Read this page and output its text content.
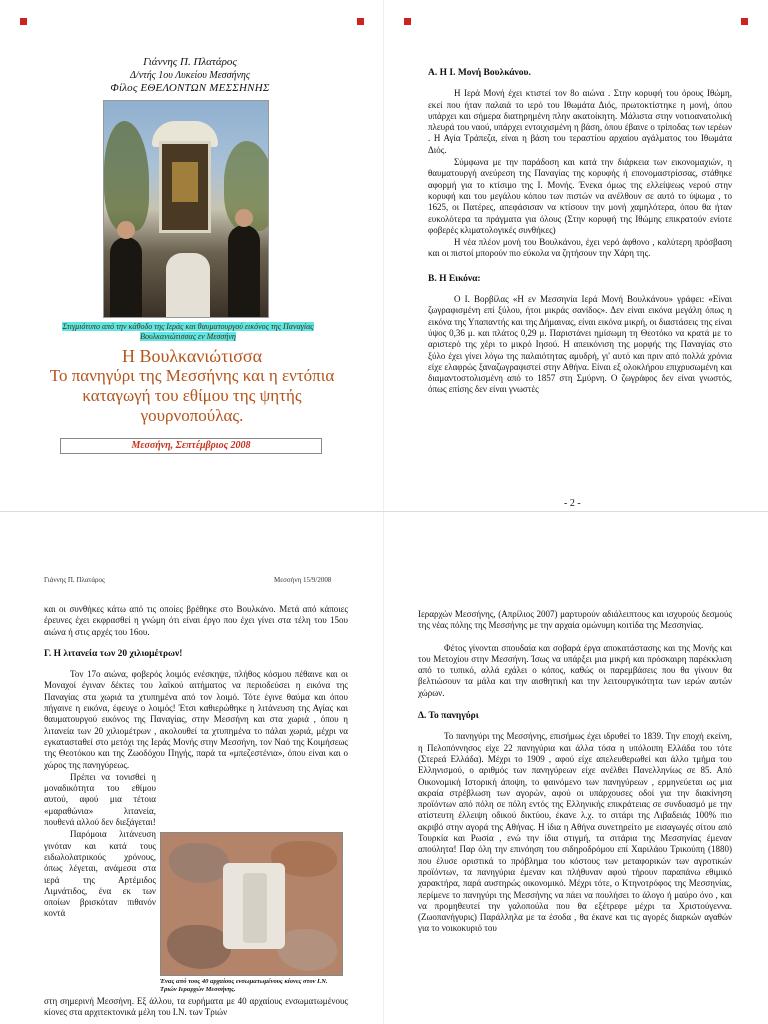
Γιάννης Π. Πλατάρος
Δ/ντής 1ου Λυκείου Μεσσήνης
Φίλος ΕΘΕΛΟΝΤΩΝ ΜΕΣΣΗΝΗΣ
Στιγμιότυπο από την κάθοδο της Ιεράς και θαυματουργού εικόνος της Παναγίας Βουλκανιώτισσας εν Μεσσήνη
Η Βουλκανιώτισσα
Το πανηγύρι της Μεσσήνης και η εντόπια καταγωγή του εθίμου της ψητής γουρνοπούλας.
Μεσσήνη, Σεπτέμβριος 2008
Α. Η Ι. Μονή Βουλκάνου.

Η Ιερά Μονή έχει κτιστεί τον 8ο αιώνα . Στην κορυφή του όρους Ιθώμη, εκεί που ήταν παλαιά το ιερό του Ιθωμάτα Διός, πρωτοκτίστηκε η μονή, όπου υπάρχει και σήμερα διατηρημένη πλην ακατοίκητη. Μάλιστα στην νοτιοανατολική πλευρά του ναού, υπάρχει εντοιχισμένη η βάση, όπου έβαινε ο τρίποδας των ιερέων . Η Αγία Τράπεζα, είναι η βάση του τεραστίου αρχαίου αγάλματος του Ιθωμάτα Διός.

Σύμφωνα με την παράδοση και κατά την διάρκεια των εικονομαχιών, η θαυματουργή ανεύρεση της Παναγίας της κορυφής ή επονομαστρίσσας, στάθηκε αφορμή για το κτίσιμο της Ι. Μονής. Ένεκα όμως της ελλείψεως νερού στην κορυφή και του μεγάλου κόπου των πιστών να ανέλθουν σε αυτό το ύψωμα , το 1625, οι Πατέρες, απεφάσισαν να κτίσουν την μονή χαμηλότερα, όπου θα ήταν ευκολότερα τα πράγματα για όλους (Στην κορυφή της Ιθώμης επικρατούν ενίοτε φοβερές κλιματολογικές συνθήκες)

Η νέα πλέον μονή του Βουλκάνου, έχει νερό άφθονο , καλύτερη πρόσβαση και οι πιστοί μπορούν πιο εύκολα να ζητήσουν την Χάρη της.

Β. Η Εικόνα:

Ο Ι. Βορβίλας «Η εν Μεσσηνία Ιερά Μονή Βουλκάνου» γράφει: «Είναι ζωγραφισμένη επί ξύλου, ήτοι μικράς σανίδος». Δεν είναι εικόνα μεγάλη όπως η εικόνα της Υπαπαντής και της Δήμαινας, είναι εικόνα μικρή, οι διαστάσεις της είναι ύψος 0,36 μ. και πλάτος 0,29 μ. Παριστάνει ημίσωμη τη Θεοτόκο να κρατά με το αριστερό της χέρι το μικρό Ιησού. Η απεικόνιση της μορφής της Παναγίας στο ξύλο έχει γίνει λόγω της παλαιότητας αμυδρή, γι' αυτό και πριν από πολλά χρόνια είχε ελαφρώς ξαναζωγραφιστεί στην Αθήνα. Είναι εξ ολοκλήρου επιχρυσωμένη και διαμαντοστολισμένη από το 1857 στη Σμύρνη. Ο ζωγράφος δεν είναι γνωστός, όπως επίσης δεν είναι γνωστές

- 2 -
Γιάννης Π. Πλατάρος	Μεσσήνη 15/9/2008

και οι συνθήκες κάτω από τις οποίες βρέθηκε στο Βουλκάνο. Μετά από κάποιες έρευνες έχει εκφρασθεί η γνώμη ότι είναι έργο που έχει γίνει στα τέλη του 15ου αιώνα ή στις αρχές του 16ου.

Γ. Η λιτανεία των 20 χιλιομέτρων!

Τον 17ο αιώνα, φοβερός λοιμός ενέσκηψε, πλήθος κόσμου πέθαινε και οι Μοναχοί έγιναν δέκτες του λαϊκού αιτήματος να περιοδεύσει η εικόνα της Παναγίας στα χωριά τα χτυπημένα από τον λοιμό. Τότε έγινε θαύμα και όπου πήγαινε η εικόνα, έφευγε ο λοιμός! Έτσι καθιερώθηκε η λιτάνευση της Αγίας και θαυματουργού εικόνος της Παναγίας, στην Μεσσήνη και στα χωριά , όπου η λιτανεία των 20 χιλιομέτρων , ακολουθεί τα χτυπημένα το πάλαι χωριά, μέχρι να εγκατασταθεί στο μετόχι της Ιεράς Μονής στην Μεσσήνη, τον Ναό της Κοιμήσεως της Θεοτόκου και της Ζωοδόχου Πηγής, παρά τα «μπεζεστένια», όπου είναι και ο χώρος της πανηγύρεως.

Πρέπει να τονισθεί η μοναδικότητα του εθίμου αυτού, αφού μια τέτοια «μαραθώνια» λιτανεία, πουθενά αλλού δεν διεξάγεται!

Παρόμοια λιτάνευση γινόταν και κατά τους ειδωλολατρικούς χρόνους, όπως λέγεται, ανάμεσα στα ιερά της Αρτέμιδος Λιμνάτιδος, ένα εκ των οποίων βρισκόταν πιθανόν κοντά

Ένας από τους 40 αρχαίους ενσωματωμένους κίονες στον Ι.Ν. Τριών Ιεραρχών Μεσσήνης.

στη σημερινή Μεσσήνη. Εξ άλλου, τα ευρήματα με 40 αρχαίους ενσωματωμένους κίονες στα αρχιτεκτονικά μέλη του Ι.Ν. των Τριών

Ιεραρχών Μεσσήνης, (Απρίλιος 2007) μαρτυρούν αδιάλειπτους και ισχυρούς δεσμούς της νέας πόλης της Μεσσήνης με την αρχαία ομώνυμη κοιτίδα της Μεσσηνίας.

Φέτος γίνονται σπουδαία και σοβαρά έργα αποκατάστασης και της Μονής και του Μετοχίου στην Μεσσήνη. Ίσως να υπάρξει μια μικρή και πρόσκαιρη παρέκκλιση από το τυπικό, αλλά εχάλει ο κόπος, καθώς οι παρεμβάσεις που θα γίνουν θα βελτιώσουν τα μάλα και την αισθητική και την λειτουργικότητα των ιερών αυτών χώρων.

Δ. Το πανηγύρι

Το πανηγύρι της Μεσσήνης, επισήμως έχει ιδρυθεί το 1839. Την εποχή εκείνη, η Πελοπόννησος είχε 22 πανηγύρια και άλλα τόσα η υπόλοιπη Ελλάδα του τότε (Στερεά Ελλάδα). Μέχρι το 1909 , αφού είχε απελευθερωθεί και άλλο τμήμα του Ελληνισμού, ο αριθμός των πανηγύρεων είχε ανέλθει Πανελληνίως σε 85. Από Οικονομική Ιστορική άποψη, το φαινόμενο των πανηγύρεων , ερμηνεύεται ως μια ακραία στρέβλωση των αγορών, αφού οι υπάρχουσες οδοί για την διακίνηση προϊόντων από πόλη σε πόλη εντός της Ελληνικής επικράτειας σε συνδυασμό με την ατίστευτη έλλειψη οδικού δικτύου, έκανε λ.χ. το σιτάρι της Λιβαδειάς 100% πιο ακριβό στην αγορά της Αθήνας. Η ίδια η Αθήνα συνετηρείτο με εισαγωγές σίτου από Τουρκία και Ρωσία , ενώ την ίδια στιγμή, τα σιτάρια της Μεσσηνίας έμεναν απούλητα! Παρ όλη την επινόηση του σιδηροδρόμου επί Χαριλάου Τρικούπη (1880) που έλυσε οριστικά το πρόβλημα του κόστους των μεταφορικών των αγροτικών προϊόντων, τα πανηγύρια έμεναν και πλήθυναν αφού τήρουν παραπάνω εθιμικό χαρακτήρα, παρά αυστηρώς οικονομικό. Μέχρι τότε, ο Κτηνοτρόφος της Μεσσηνίας, περίμενε το πανηγύρι της Μεσσήνης να πάει να πουλήσει το άλογο ή μαύρο όνο , και να προμηθευτεί την γαλοπούλα που θα εξέτρεφε μέχρι τα Χριστούγεννα. (Ζωοπανήγυρις) Παράλληλα με τα έσοδα , θα έκανε και τις αγορές διαρκών αγαθών για το νοικοκυριό του
